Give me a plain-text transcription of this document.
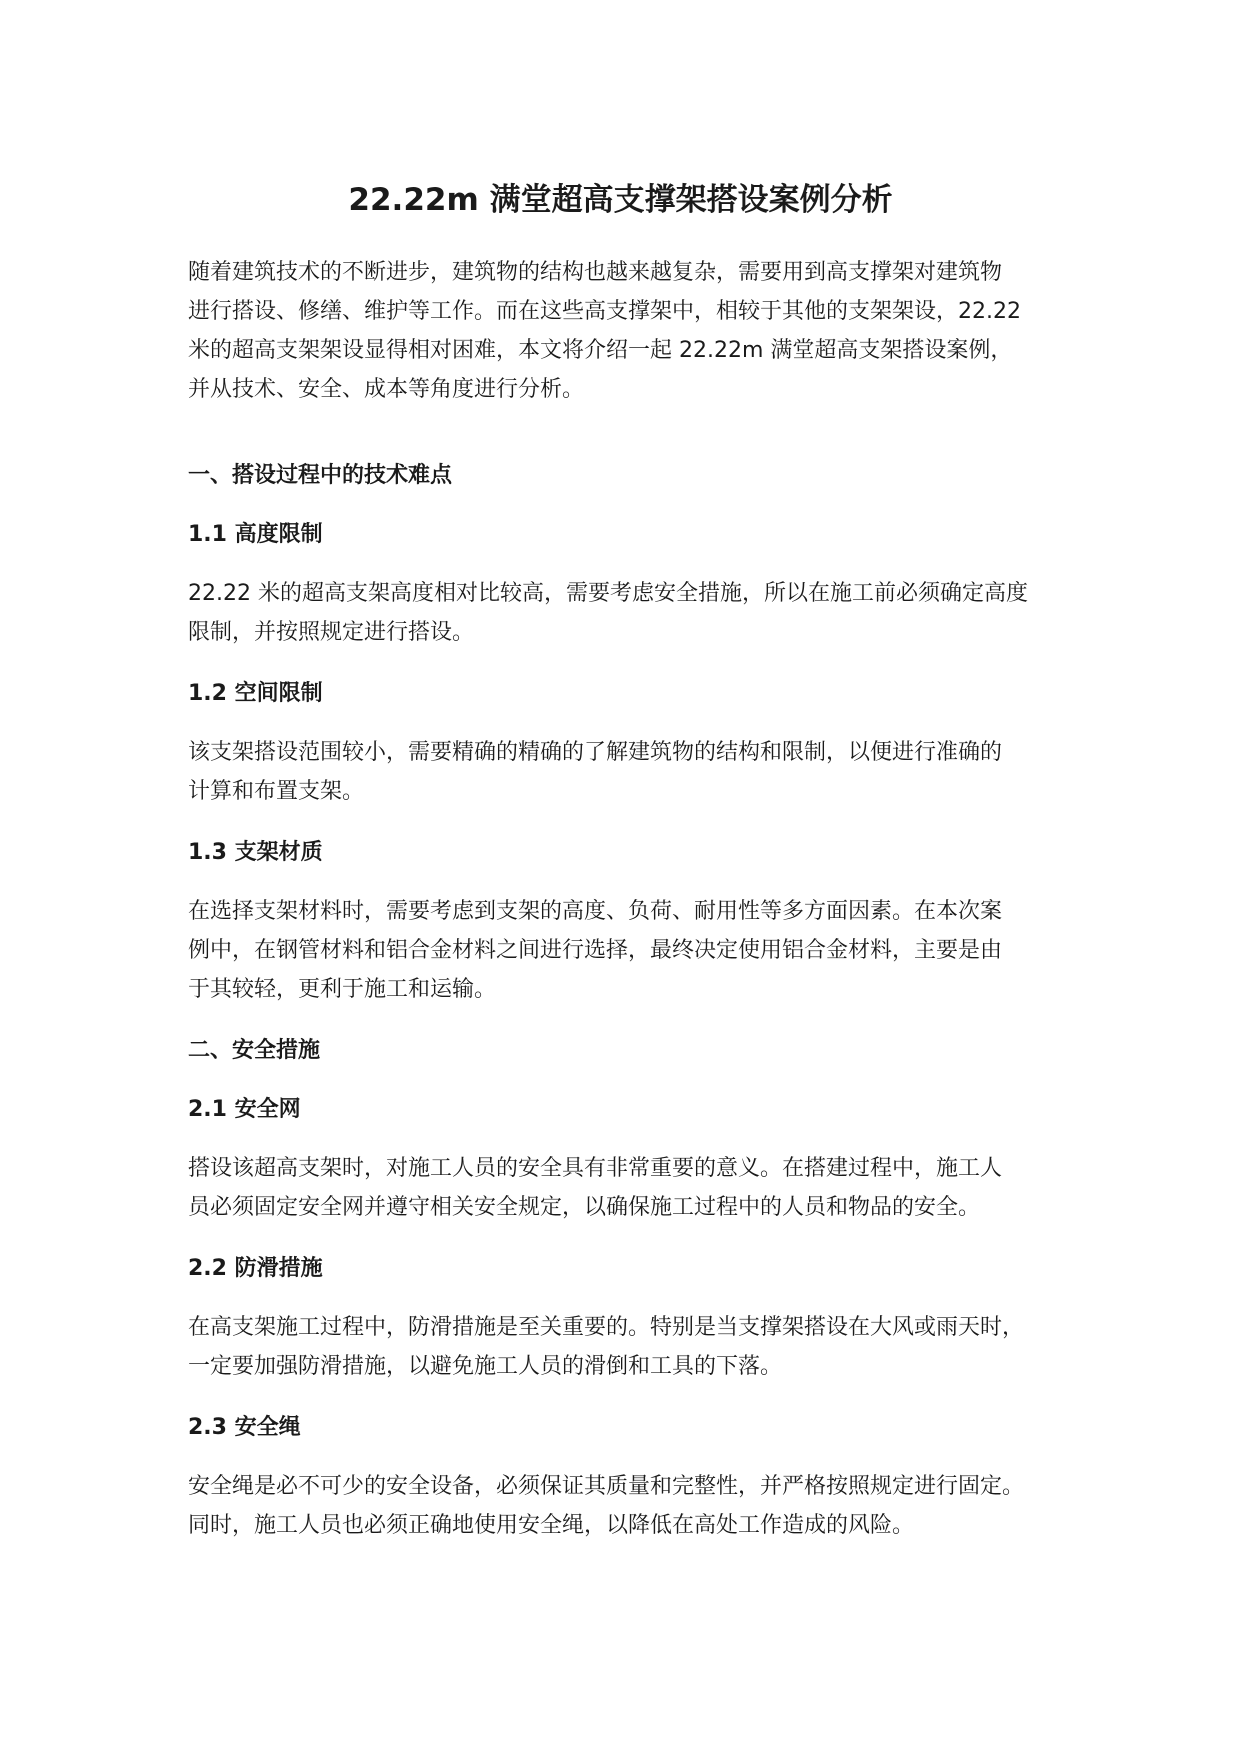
22.22m 满堂超高支撑架搭设案例分析

随着建筑技术的不断进步，建筑物的结构也越来越复杂，需要用到高支撑架对建筑物
进行搭设、修缮、维护等工作。而在这些高支撑架中，相较于其他的支架架设，22.22
米的超高支架架设显得相对困难，本文将介绍一起 22.22m 满堂超高支架搭设案例，
并从技术、安全、成本等角度进行分析。

一、搭设过程中的技术难点
1.1 高度限制

22.22 米的超高支架高度相对比较高，需要考虑安全措施，所以在施工前必须确定高度
限制，并按照规定进行搭设。

1.2 空间限制

该支架搭设范围较小，需要精确的精确的了解建筑物的结构和限制，以便进行准确的
计算和布置支架。

1.3 支架材质

在选择支架材料时，需要考虑到支架的高度、负荷、耐用性等多方面因素。在本次案
例中，在钢管材料和铝合金材料之间进行选择，最终决定使用铝合金材料，主要是由
于其较轻，更利于施工和运输。

二、安全措施
2.1 安全网

搭设该超高支架时，对施工人员的安全具有非常重要的意义。在搭建过程中，施工人
员必须固定安全网并遵守相关安全规定，以确保施工过程中的人员和物品的安全。

2.2 防滑措施

在高支架施工过程中，防滑措施是至关重要的。特别是当支撑架搭设在大风或雨天时，
一定要加强防滑措施，以避免施工人员的滑倒和工具的下落。

2.3 安全绳

安全绳是必不可少的安全设备，必须保证其质量和完整性，并严格按照规定进行固定。
同时，施工人员也必须正确地使用安全绳，以降低在高处工作造成的风险。
